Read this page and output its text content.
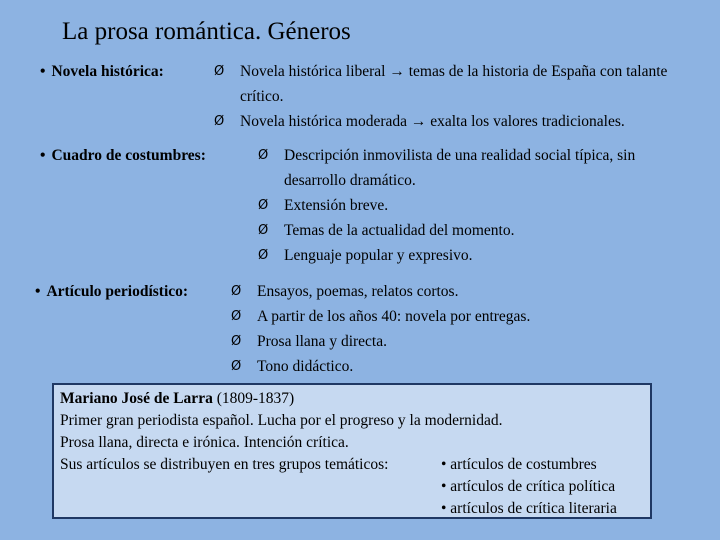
La prosa romántica. Géneros
• Novela histórica:	Ø Novela histórica liberal → temas de la historia de España con talante crítico.
Ø Novela histórica moderada → exalta los valores tradicionales.
• Cuadro de costumbres:	Ø Descripción inmovilista de una realidad social típica, sin desarrollo dramático.
Ø Extensión breve.
Ø Temas de la actualidad del momento.
Ø Lenguaje popular y expresivo.
• Artículo periodístico:	Ø Ensayos, poemas, relatos cortos.
Ø A partir de los años 40: novela por entregas.
Ø Prosa llana y directa.
Ø Tono didáctico.
Mariano José de Larra (1809-1837)
Primer gran periodista español. Lucha por el progreso y la modernidad.
Prosa llana, directa e irónica. Intención crítica.
Sus artículos se distribuyen en tres grupos temáticos:	• artículos de costumbres
• artículos de crítica política
• artículos de crítica literaria
